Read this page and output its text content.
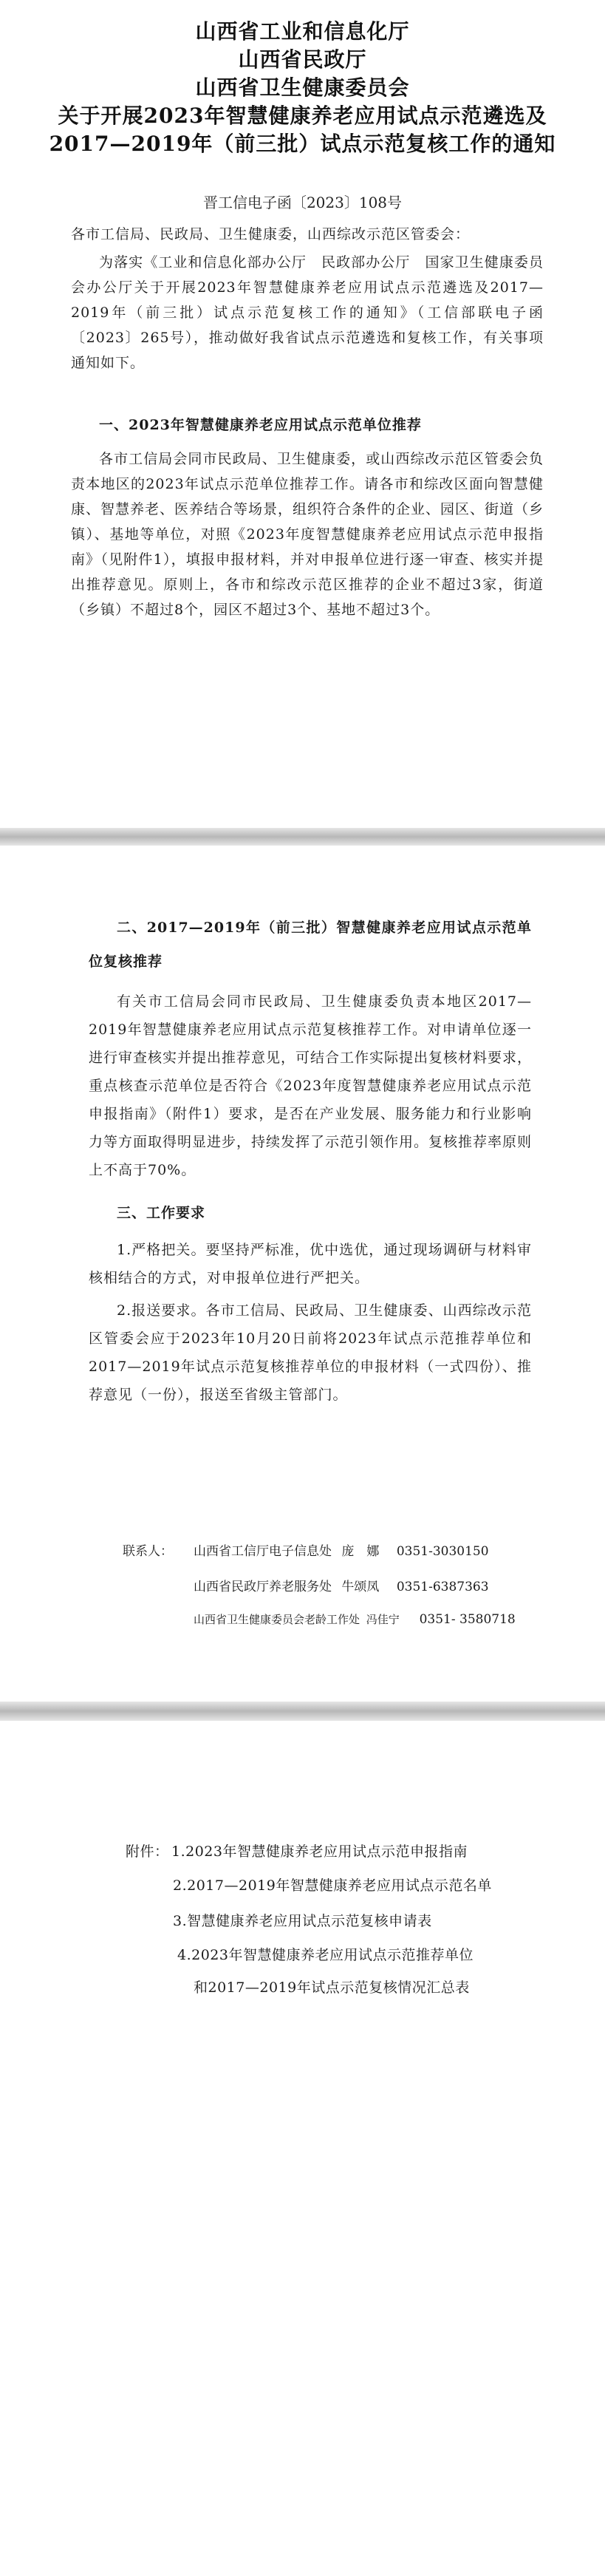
山西省工业和信息化厅
山西省民政厅
山西省卫生健康委员会
关于开展2023年智慧健康养老应用试点示范遴选及
2017—2019年（前三批）试点示范复核工作的通知
晋工信电子函〔2023〕108号
各市工信局、民政局、卫生健康委，山西综改示范区管委会：
为落实《工业和信息化部办公厅　民政部办公厅　国家卫生健康委员会办公厅关于开展2023年智慧健康养老应用试点示范遴选及2017—2019年（前三批）试点示范复核工作的通知》（工信部联电子函〔2023〕265号），推动做好我省试点示范遴选和复核工作，有关事项通知如下。
一、2023年智慧健康养老应用试点示范单位推荐
各市工信局会同市民政局、卫生健康委，或山西综改示范区管委会负责本地区的2023年试点示范单位推荐工作。请各市和综改区面向智慧健康、智慧养老、医养结合等场景，组织符合条件的企业、园区、街道（乡镇）、基地等单位，对照《2023年度智慧健康养老应用试点示范申报指南》（见附件1），填报申报材料，并对申报单位进行逐一审查、核实并提出推荐意见。原则上，各市和综改示范区推荐的企业不超过3家，街道（乡镇）不超过8个，园区不超过3个、基地不超过3个。
二、2017—2019年（前三批）智慧健康养老应用试点示范单位复核推荐
有关市工信局会同市民政局、卫生健康委负责本地区2017—2019年智慧健康养老应用试点示范复核推荐工作。对申请单位逐一进行审查核实并提出推荐意见，可结合工作实际提出复核材料要求，重点核查示范单位是否符合《2023年度智慧健康养老应用试点示范申报指南》（附件1）要求，是否在产业发展、服务能力和行业影响力等方面取得明显进步，持续发挥了示范引领作用。复核推荐率原则上不高于70%。
三、工作要求
1.严格把关。要坚持严标准，优中选优，通过现场调研与材料审核相结合的方式，对申报单位进行严把关。
2.报送要求。各市工信局、民政局、卫生健康委、山西综改示范区管委会应于2023年10月20日前将2023年试点示范推荐单位和2017—2019年试点示范复核推荐单位的申报材料（一式四份）、推荐意见（一份），报送至省级主管部门。
联系人： 山西省工信厅电子信息处 庞　娜 0351-3030150
山西省民政厅养老服务处 牛颂凤 0351-6387363
山西省卫生健康委员会老龄工作处 冯佳宁 0351- 3580718
附件： 1.2023年智慧健康养老应用试点示范申报指南
2.2017—2019年智慧健康养老应用试点示范名单
3.智慧健康养老应用试点示范复核申请表
4.2023年智慧健康养老应用试点示范推荐单位
和2017—2019年试点示范复核情况汇总表
